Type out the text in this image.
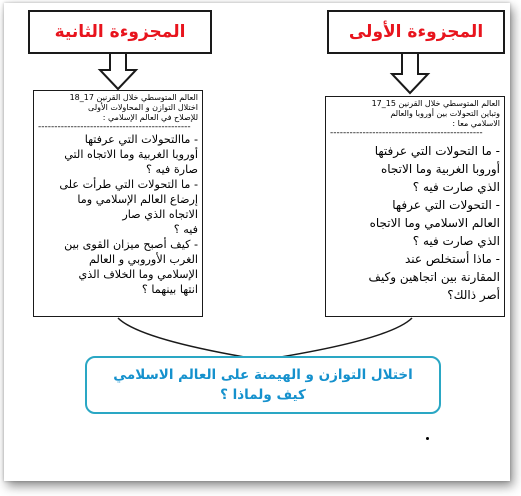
المجزوءة الثانية	المجزوءة الأولى
العالم المتوسطي خلال القرنين 17_18
اختلال التوازن و المحاولات الأولى
للإصلاح في العالم الإسلامي :
-----------------------------------------------

- ماالتحولات التي عرفتها

أوروبا الغربية وما الاتجاه التي

صارة فيه ؟

- ما التحولات التي طرأت على

إرضاع العالم الإسلامي وما

الاتجاه الذي صار

فيه ؟

- كيف أصبح ميزان القوى بين

الغرب الأوروبي و العالم

الإسلامي وما الخلاف الذي

انتها بينهما ؟

العالم المتوسطي خلال القرنين 15_17
وتباين التحولات بين أوروبا والعالم
الاسلامي معا :
-----------------------------------------------

- ما التحولات التي عرفتها

أوروبا الغربية وما الاتجاه

الذي صارت فيه ؟

- التحولات التي عرفها

العالم الاسلامي وما الاتجاه

الذي صارت فيه ؟

- ماذا أستخلص عند

المقارنة بين اتجاهين وكيف

أصر ذالك؟

اختلال التوازن و الهيمنة على العالم الاسلامي
كيف ولماذا ؟
